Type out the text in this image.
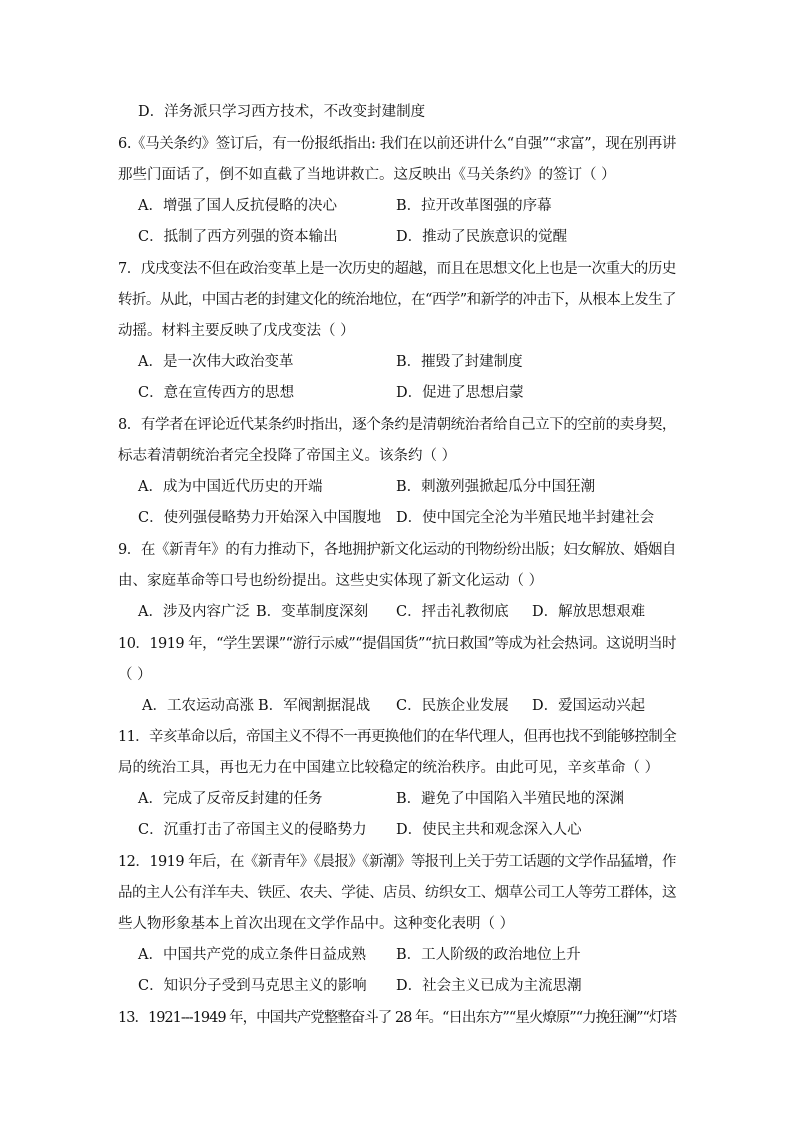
D．洋务派只学习西方技术，不改变封建制度
6.《马关条约》签订后，有一份报纸指出: 我们在以前还讲什么“自强”“求富”，现在别再讲
那些门面话了，倒不如直截了当地讲救亡。这反映出《马关条约》的签订（ ）
A．增强了国人反抗侵略的决心	B．拉开改革图强的序幕
C．抵制了西方列强的资本输出	D．推动了民族意识的觉醒
7．戊戌变法不但在政治变革上是一次历史的超越，而且在思想文化上也是一次重大的历史
转折。从此，中国古老的封建文化的统治地位，在“西学”和新学的冲击下，从根本上发生了
动摇。材料主要反映了戊戌变法（ ）
A．是一次伟大政治变革	B．摧毁了封建制度
C．意在宣传西方的思想	D．促进了思想启蒙
8．有学者在评论近代某条约时指出，逐个条约是清朝统治者给自己立下的空前的卖身契，
标志着清朝统治者完全投降了帝国主义。该条约（ ）
A．成为中国近代历史的开端	B．刺激列强掀起瓜分中国狂潮
C．使列强侵略势力开始深入中国腹地 D．使中国完全沦为半殖民地半封建社会
9．在《新青年》的有力推动下，各地拥护新文化运动的刊物纷纷出版；妇女解放、婚姻自
由、家庭革命等口号也纷纷提出。这些史实体现了新文化运动（ ）
A．涉及内容广泛 B．变革制度深刻 C．抨击礼教彻底 D．解放思想艰难
10．1919 年，“学生罢课”“游行示威”“提倡国货”“抗日救国”等成为社会热词。这说明当时
（ ）
A．工农运动高涨 B．军阀割据混战 C．民族企业发展 D．爱国运动兴起
11．辛亥革命以后，帝国主义不得不一再更换他们的在华代理人，但再也找不到能够控制全
局的统治工具，再也无力在中国建立比较稳定的统治秩序。由此可见，辛亥革命（ ）
A．完成了反帝反封建的任务	B．避免了中国陷入半殖民地的深渊
C．沉重打击了帝国主义的侵略势力 D．使民主共和观念深入人心
12．1919 年后，在《新青年》《晨报》《新潮》等报刊上关于劳工话题的文学作品猛增，作
品的主人公有洋车夫、铁匠、农夫、学徒、店员、纺织女工、烟草公司工人等劳工群体，这
些人物形象基本上首次出现在文学作品中。这种变化表明（ ）
A．中国共产党的成立条件日益成熟 B．工人阶级的政治地位上升
C．知识分子受到马克思主义的影响 D．社会主义已成为主流思潮
13．1921---1949 年，中国共产党整整奋斗了 28 年。“日出东方”“星火燎原”“力挽狂澜”“灯塔
